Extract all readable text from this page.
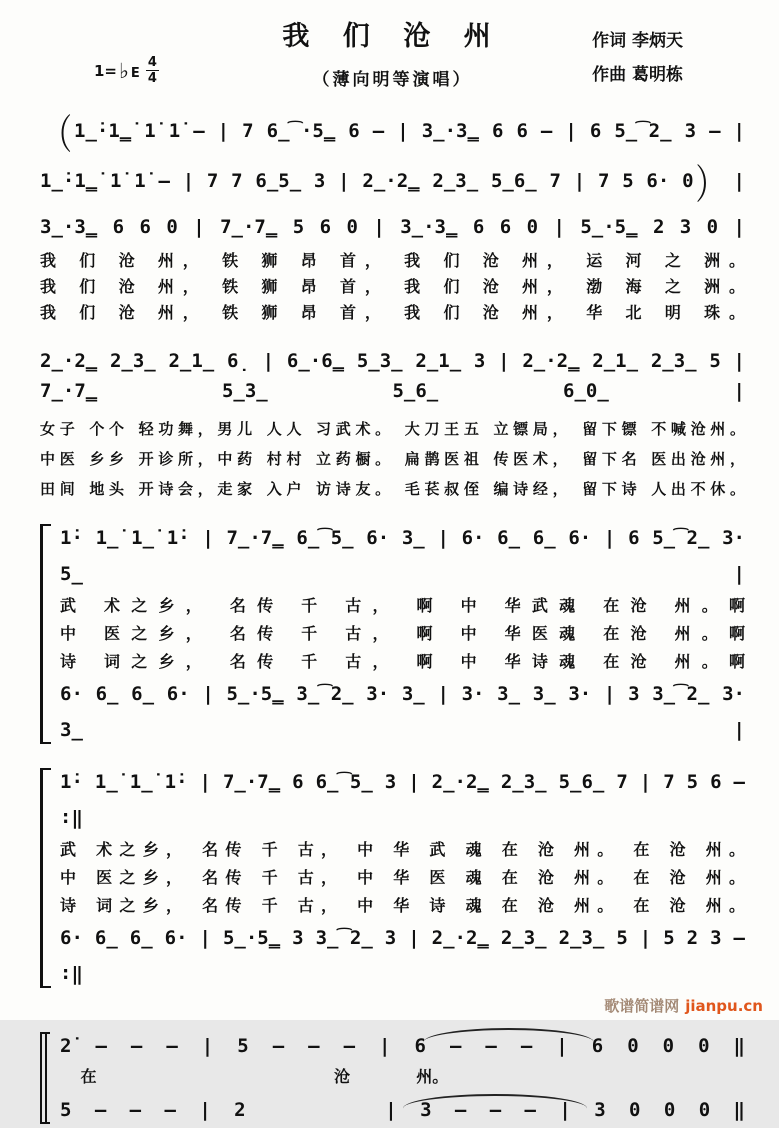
我 们 沧 州
（薄向明等演唱）
作词 李炳天
作曲 葛明栋
1= ♭ E $\frac{4}{4}$
（ 1̲̇·1̳̇ 1̇ 1̇ — | 7 6̲͡·5̳ 6 — | 3̲·3̳ 6 6 — | 6 5̲͡2̲ 3 — |
1̲̇·1̳̇ 1̇ 1̇ — | 7 7 6̲5̲ 3 | 2̲·2̳ 2̲3̲ 5̲6̲ 7 | 7 5 6· 0 ） |
3̲·3̳ 6 6 0 | 7̲·7̳ 5 6 0 | 3̲·3̳ 6 6 0 | 5̲·5̳ 2 3 0 |
我 们 沧 州， 铁 狮 昂 首， 我 们 沧 州， 运 河 之 洲。
我 们 沧 州， 铁 狮 昂 首， 我 们 沧 州， 渤 海 之 洲。
我 们 沧 州， 铁 狮 昂 首， 我 们 沧 州， 华 北 明 珠。
2̲·2̳ 2̲3̲ 2̲1̲ 6̣ | 6̲·6̳ 5̲3̲ 2̲1̲ 3 | 2̲·2̳ 2̲1̲ 2̲3̲ 5 | 7̲·7̳ 5̲3̲ 5̲6̲ 6̲0̲ |
女子 个个 轻功舞，男儿 人人 习武术。 大刀王五 立镖局， 留下镖 不喊沧州。
中医 乡乡 开诊所，中药 村村 立药橱。 扁鹊医祖 传医术， 留下名 医出沧州，
田间 地头 开诗会，走家 入户 访诗友。 毛苌叔侄 编诗经， 留下诗 人出不休。
1̇· 1̲̇ 1̲̇ 1̇· | 7̲·7̳ 6̲͡5̲ 6· 3̲ | 6· 6̲ 6̲ 6· | 6 5̲͡2̲ 3· 5̲ |
武 术之乡， 名传 千 古， 啊 中 华武魂 在沧 州。啊
中 医之乡， 名传 千 古， 啊 中 华医魂 在沧 州。啊
诗 词之乡， 名传 千 古， 啊 中 华诗魂 在沧 州。啊
6· 6̲ 6̲ 6· | 5̲·5̳ 3̲͡2̲ 3· 3̲ | 3· 3̲ 3̲ 3· | 3 3̲͡2̲ 3· 3̲ |
1̇· 1̲̇ 1̲̇ 1̇· | 7̲·7̳ 6 6̲͡5̲ 3 | 2̲·2̳ 2̲3̲ 5̲6̲ 7 | 7 5 6 — ∶‖
武 术之乡， 名传 千 古， 中 华 武 魂 在 沧 州。 在 沧 州。
中 医之乡， 名传 千 古， 中 华 医 魂 在 沧 州。 在 沧 州。
诗 词之乡， 名传 千 古， 中 华 诗 魂 在 沧 州。 在 沧 州。
6· 6̲ 6̲ 6· | 5̲·5̳ 3 3̲͡2̲ 3 | 2̲·2̳ 2̲3̲ 2̲3̲ 5 | 5 2 3 — ∶‖
2̇ — — — | 5 — — — | 6 — — — | 6 0 0 0 ‖
在	沧	州。
5 — — — | 2 　　　 | 3 — — — | 3 0 0 0 ‖
歌谱简谱网 jianpu.cn
